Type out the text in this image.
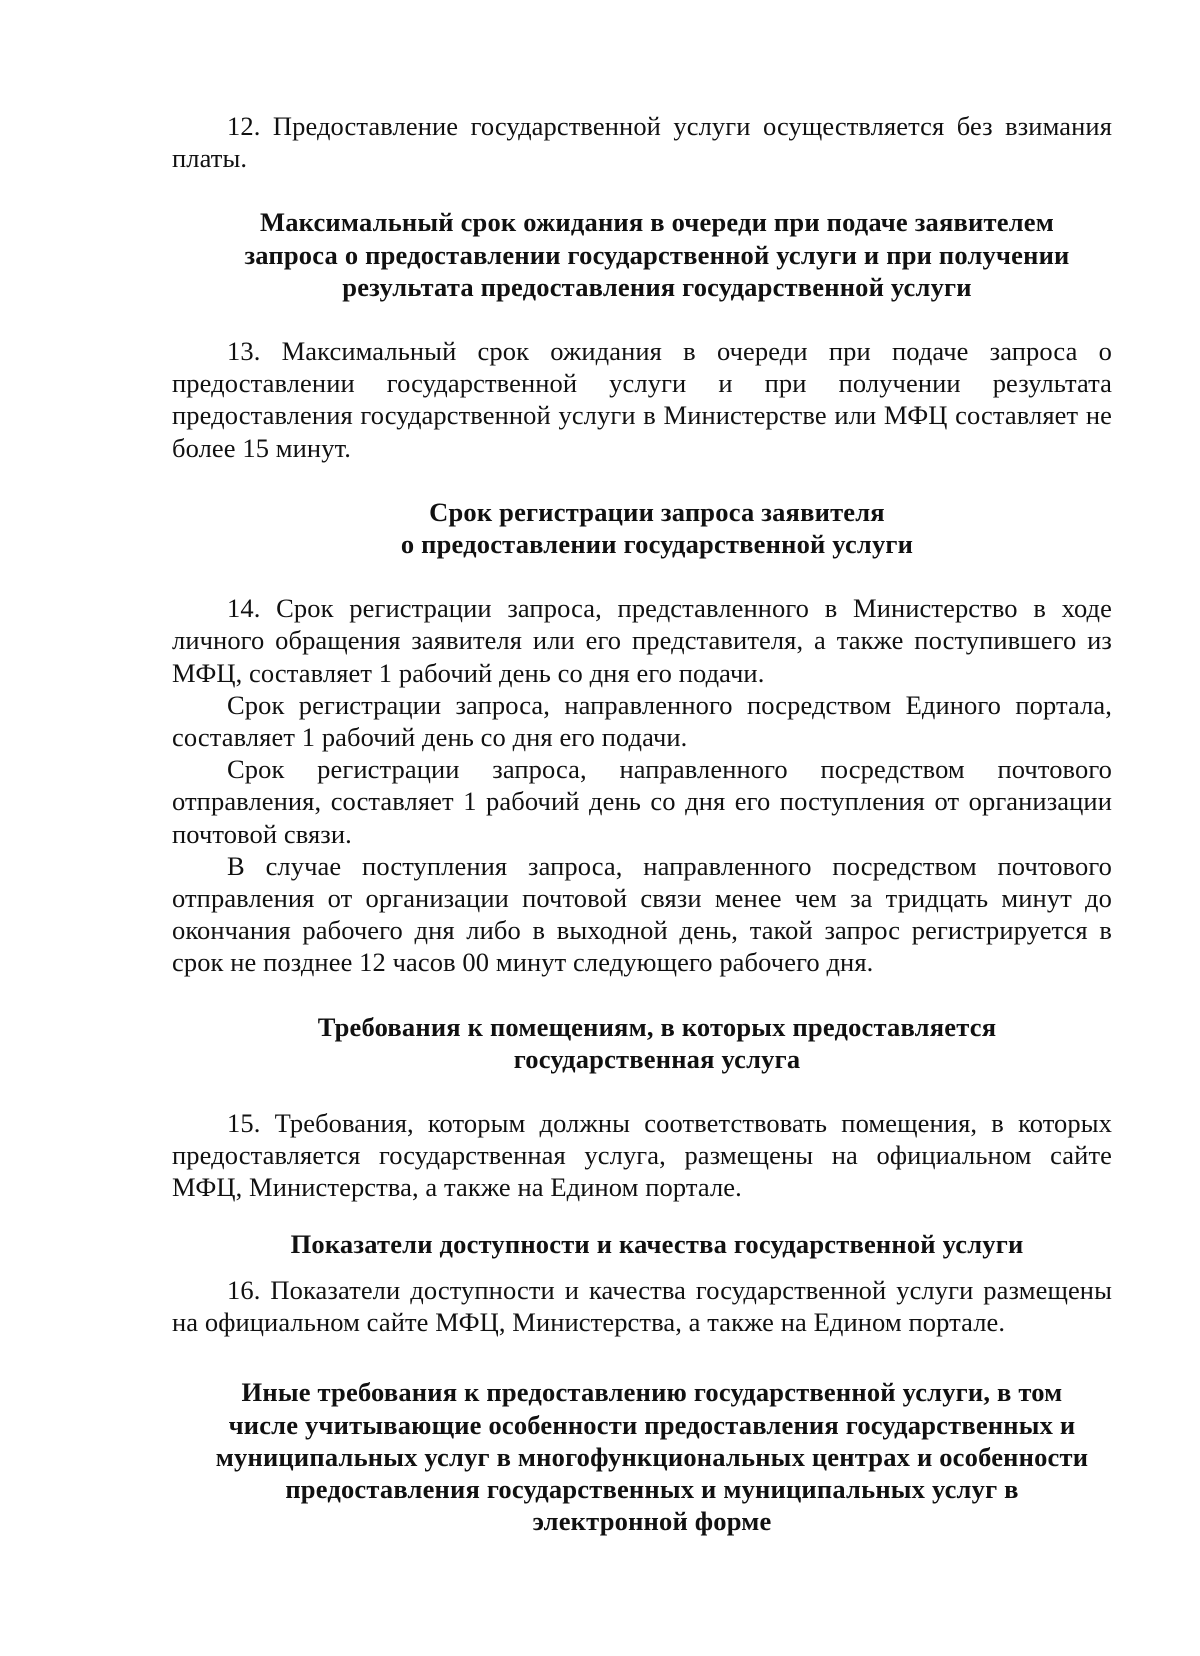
12. Предоставление государственной услуги осуществляется без взимания платы.

Максимальный срок ожидания в очереди при подаче заявителем
запроса о предоставлении государственной услуги и при получении
результата предоставления государственной услуги

13. Максимальный срок ожидания в очереди при подаче запроса о предоставлении государственной услуги и при получении результата предоставления государственной услуги в Министерстве или МФЦ составляет не более 15 минут.

Срок регистрации запроса заявителя
о предоставлении государственной услуги

14. Срок регистрации запроса, представленного в Министерство в ходе личного обращения заявителя или его представителя, а также поступившего из МФЦ, составляет 1 рабочий день со дня его подачи.

Срок регистрации запроса, направленного посредством Единого портала, составляет 1 рабочий день со дня его подачи.

Срок регистрации запроса, направленного посредством почтового отправления, составляет 1 рабочий день со дня его поступления от организации почтовой связи.

В случае поступления запроса, направленного посредством почтового отправления от организации почтовой связи менее чем за тридцать минут до окончания рабочего дня либо в выходной день, такой запрос регистрируется в срок не позднее 12 часов 00 минут следующего рабочего дня.

Требования к помещениям, в которых предоставляется
государственная услуга

15. Требования, которым должны соответствовать помещения, в которых предоставляется государственная услуга, размещены на официальном сайте МФЦ, Министерства, а также на Едином портале.

Показатели доступности и качества государственной услуги

16. Показатели доступности и качества государственной услуги размещены на официальном сайте МФЦ, Министерства, а также на Едином портале.

Иные требования к предоставлению государственной услуги, в том
числе учитывающие особенности предоставления государственных и
муниципальных услуг в многофункциональных центрах и особенности
предоставления государственных и муниципальных услуг в
электронной форме
